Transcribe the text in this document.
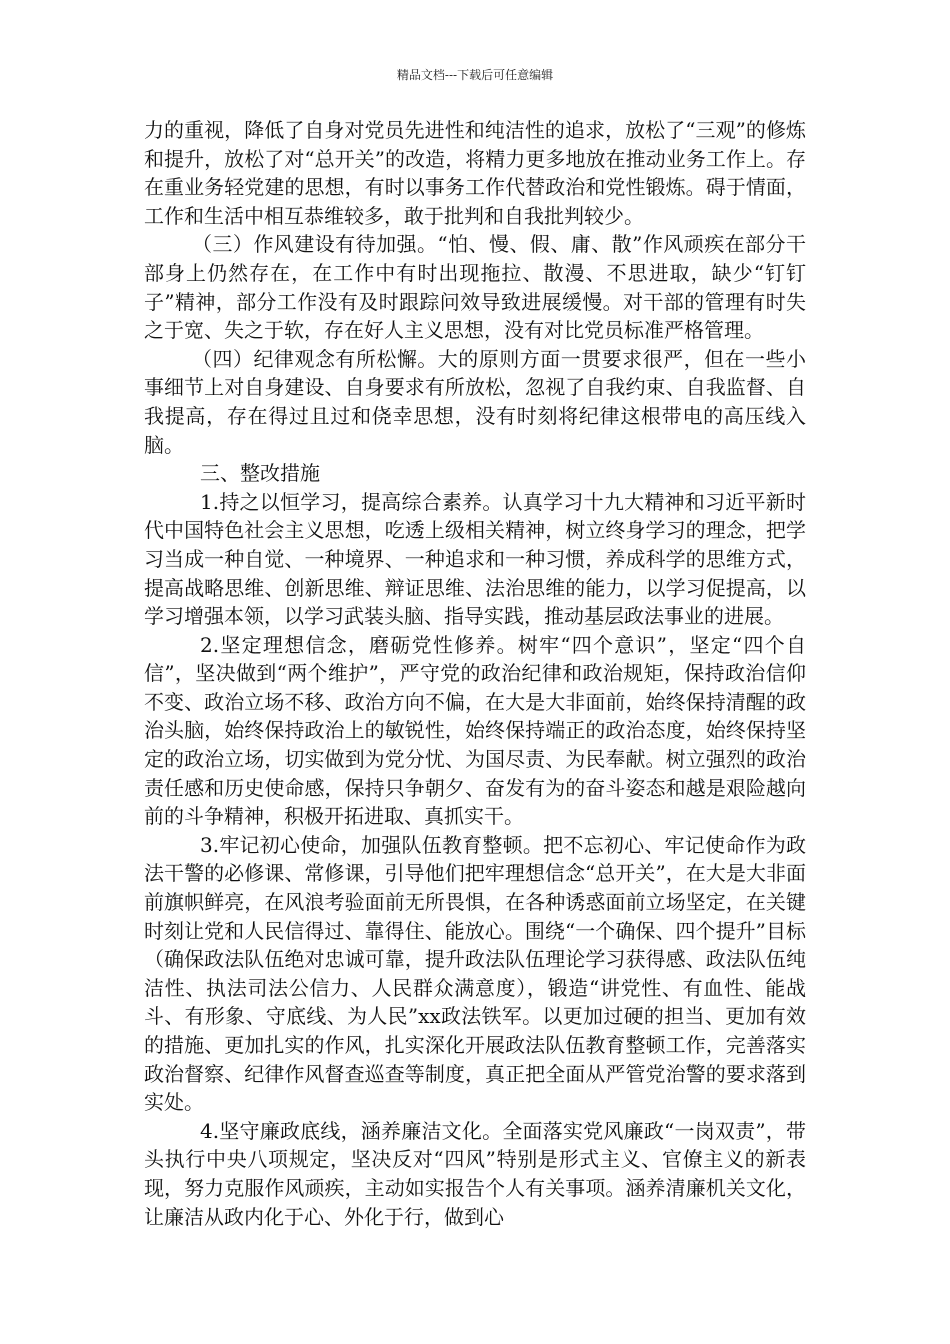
精品文档---下载后可任意编辑

力的重视，降低了自身对党员先进性和纯洁性的追求，放松了“三观”的修炼和提升，放松了对“总开关”的改造，将精力更多地放在推动业务工作上。存在重业务轻党建的思想，有时以事务工作代替政治和党性锻炼。碍于情面，工作和生活中相互恭维较多，敢于批判和自我批判较少。

（三）作风建设有待加强。“怕、慢、假、庸、散”作风顽疾在部分干部身上仍然存在，在工作中有时出现拖拉、散漫、不思进取，缺少“钉钉子”精神，部分工作没有及时跟踪问效导致进展缓慢。对干部的管理有时失之于宽、失之于软，存在好人主义思想，没有对比党员标准严格管理。

（四）纪律观念有所松懈。大的原则方面一贯要求很严，但在一些小事细节上对自身建设、自身要求有所放松，忽视了自我约束、自我监督、自我提高，存在得过且过和侥幸思想，没有时刻将纪律这根带电的高压线入脑。

三、整改措施

1.持之以恒学习，提高综合素养。认真学习十九大精神和习近平新时代中国特色社会主义思想，吃透上级相关精神，树立终身学习的理念，把学习当成一种自觉、一种境界、一种追求和一种习惯，养成科学的思维方式，提高战略思维、创新思维、辩证思维、法治思维的能力，以学习促提高，以学习增强本领，以学习武装头脑、指导实践，推动基层政法事业的进展。

2.坚定理想信念，磨砺党性修养。树牢“四个意识”，坚定“四个自信”，坚决做到“两个维护”，严守党的政治纪律和政治规矩，保持政治信仰不变、政治立场不移、政治方向不偏，在大是大非面前，始终保持清醒的政治头脑，始终保持政治上的敏锐性，始终保持端正的政治态度，始终保持坚定的政治立场，切实做到为党分忧、为国尽责、为民奉献。树立强烈的政治责任感和历史使命感，保持只争朝夕、奋发有为的奋斗姿态和越是艰险越向前的斗争精神，积极开拓进取、真抓实干。

3.牢记初心使命，加强队伍教育整顿。把不忘初心、牢记使命作为政法干警的必修课、常修课，引导他们把牢理想信念“总开关”，在大是大非面前旗帜鲜亮，在风浪考验面前无所畏惧，在各种诱惑面前立场坚定，在关键时刻让党和人民信得过、靠得住、能放心。围绕“一个确保、四个提升”目标（确保政法队伍绝对忠诚可靠，提升政法队伍理论学习获得感、政法队伍纯洁性、执法司法公信力、人民群众满意度），锻造“讲党性、有血性、能战斗、有形象、守底线、为人民”xx政法铁军。以更加过硬的担当、更加有效的措施、更加扎实的作风，扎实深化开展政法队伍教育整顿工作，完善落实政治督察、纪律作风督查巡查等制度，真正把全面从严管党治警的要求落到实处。

4.坚守廉政底线，涵养廉洁文化。全面落实党风廉政“一岗双责”，带头执行中央八项规定，坚决反对“四风”特别是形式主义、官僚主义的新表现，努力克服作风顽疾，主动如实报告个人有关事项。涵养清廉机关文化，让廉洁从政内化于心、外化于行，做到心
